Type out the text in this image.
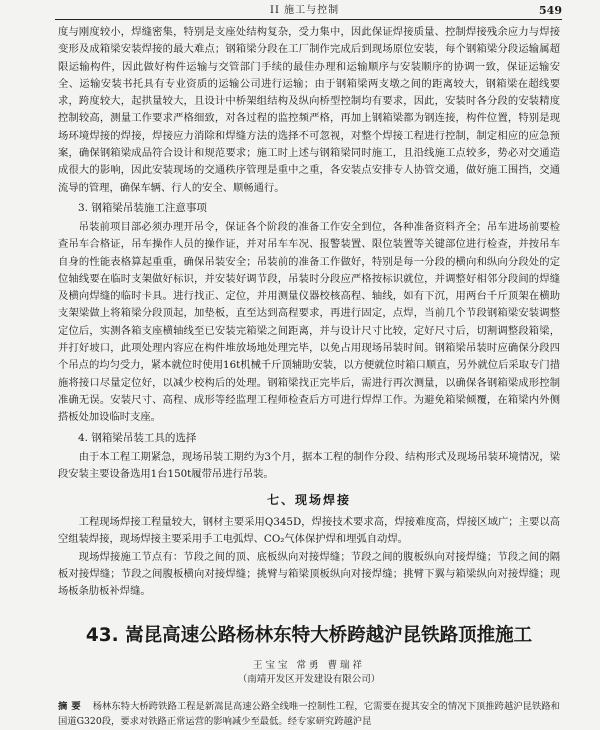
II 施工与控制	549

度与刚度较小，焊缝密集，特别是支座处结构复杂，受力集中，因此保证焊接质量、控制焊接残余应力与焊接变形及成箱梁安装焊接的最大难点；钢箱梁分段在工厂制作完成后到现场原位安装，每个钢箱梁分段运输属超限运输构件，因此做好构件运输与交管部门手续的最佳办理和运输顺序与安装顺序的协调一致，保证运输安全、运输安装书托具有专业资质的运输公司进行运输；由于钢箱梁两支墩之间的距离较大，钢箱梁在超线要求，跨度较大，起拱量较大，且设计中桥架组结构及纵向桥型控制均有要求，因此，安装时各分段的安装精度控制较高，测量工作要求严格细致，对各过程的监控频严格，再加上钢箱梁都为钢连接，构件位置，特别是现场环境焊接的焊接，焊接应力消除和焊缝方法的选择不可忽视，对整个焊接工程进行控制，制定相应的应急预案，确保钢箱梁成品符合设计和规范要求；施工时上述与钢箱梁同时施工，且沿线施工点较多，势必对交通造成很大的影响，因此安装现场的交通秩序管理是重中之重，各安装点安排专人协管交通，做好施工围挡，交通流导的管理，确保车辆、行人的安全、顺畅通行。

3. 钢箱梁吊装施工注意事项

吊装前项目部必须办理开吊令，保证各个阶段的准备工作安全到位，各种准备资料齐全；吊车进场前要检查吊车合格证，吊车操作人员的操作证，并对吊车车况、报警装置、限位装置等关键部位进行检查，并按吊车自身的性能表格算起重重，确保吊装安全；吊装前的准备工作做好，特别是每一分段的横向和纵向分段处的定位轴线要在临时支架做好标识，并安装好调节段，吊装时分段应严格按标识就位，并调整好相邻分段间的焊缝及横向焊缝的临时卡具。进行找正、定位，并用测量仪器校核高程、轴线，如有下沉，用两台千斤顶架在横助支架梁做上将箱梁分段顶起，加垫板，直至达到高程要求，再进行固定，点焊，当前几个节段钢箱梁安装调整定位后，实测各箱支座横轴线至已安装完箱梁之间距离，并与设计尺寸比较，定好尺寸后，切割调整段箱梁，并打好坡口，此项处理内容应在构件堆放场地处理完毕，以免占用现场吊装时间。钢箱梁吊装时应确保分段四个吊点的均匀受力，紧本就位时使用16t机械千斤顶辅助安装，以方便就位时箱口顺直，另外就位后采取专门措施将接口尽量定位好，以减少校构后的处理。钢箱梁找正完毕后，需进行再次测量，以确保各钢箱梁成形控制准确无误。安装尺寸、高程、成形等经监理工程师检查后方可进行焊焊工作。为避免箱梁倾覆，在箱梁内外侧搭板处加设临时支座。

4. 钢箱梁吊装工具的选择

由于本工程工期紧急，现场吊装工期约为3个月，据本工程的制作分段、结构形式及现场吊装环境情况，梁段安装主要设备选用1台150t履带吊进行吊装。

七、现场焊接

工程现场焊接工程量较大，钢材主要采用Q345D，焊接技术要求高，焊接难度高，焊接区域广；主要以高空组装焊接，现场焊接主要采用手工电弧焊、CO₂气体保护焊和埋弧自动焊。

现场焊接施工节点有：节段之间的顶、底板纵向对接焊缝；节段之间的腹板纵向对接焊缝；节段之间的隔板对接焊缝；节段之间腹板横向对接焊缝；挑臂与箱梁顶板纵向对接焊缝；挑臂下翼与箱梁纵向对接焊缝；现场板条肋板补焊缝。

43. 嵩昆高速公路杨林东特大桥跨越沪昆铁路顶推施工
王宝宝 常勇 曹瑞祥
（南靖开发区开发建设有限公司）
摘要 杨林东特大桥跨铁路工程是新嵩昆高速公路全线唯一控制性工程，它需要在提其安全的情况下顶推跨越沪昆铁路和国道G320段，要求对铁路正常运营的影响减少至最低。经专家研究跨越沪昆
